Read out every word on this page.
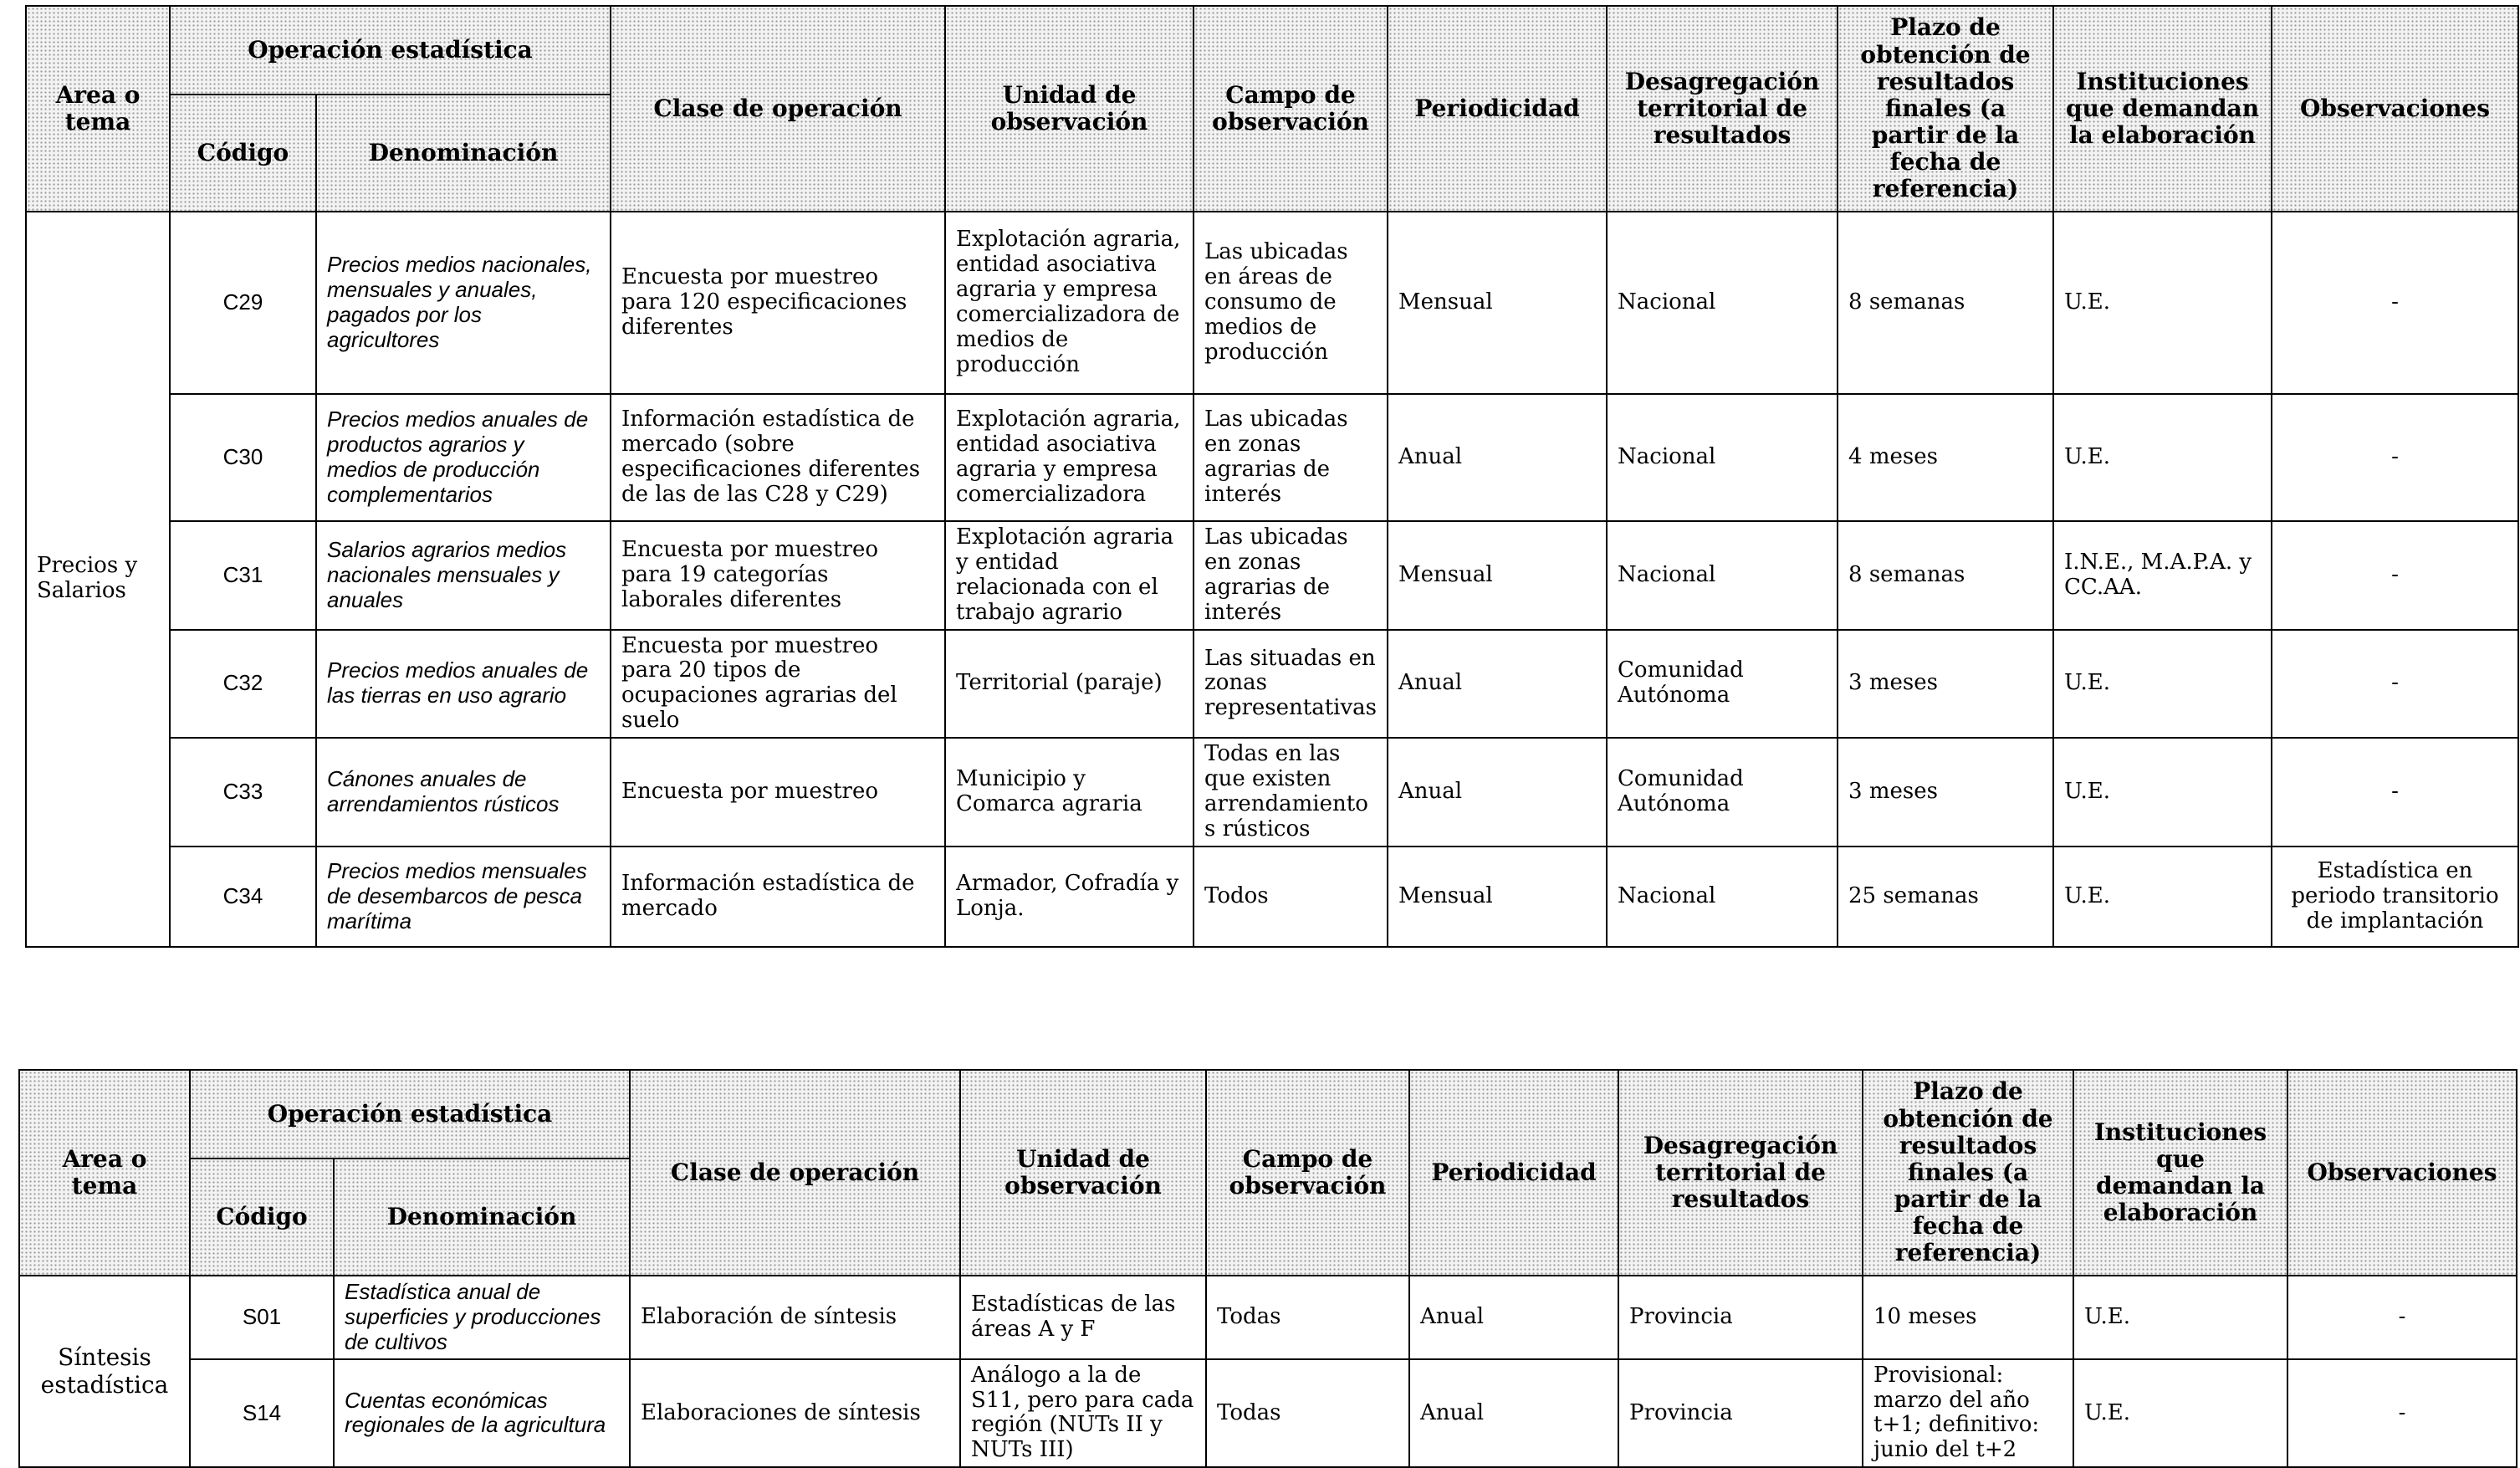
Area o tema	Operación estadística		Clase de operación	Unidad de observación	Campo de observación	Periodicidad	Desagregación territorial de resultados	Plazo de obtención de resultados finales (a partir de la fecha de referencia)	Instituciones que demandan la elaboración	Observaciones
	Código	Denominación								
Precios y Salarios	C29	Precios medios nacionales, mensuales y anuales, pagados por los agricultores	Encuesta por muestreo para 120 especificaciones diferentes	Explotación agraria, entidad asociativa agraria y empresa comercializadora de medios de producción	Las ubicadas en áreas de consumo de medios de producción	Mensual	Nacional	8 semanas	U.E.	-
	C30	Precios medios anuales de productos agrarios y medios de producción complementarios	Información estadística de mercado (sobre especificaciones diferentes de las de las C28 y C29)	Explotación agraria, entidad asociativa agraria y empresa comercializadora	Las ubicadas en zonas agrarias de interés	Anual	Nacional	4 meses	U.E.	-
	C31	Salarios agrarios medios nacionales mensuales y anuales	Encuesta por muestreo para 19 categorías laborales diferentes	Explotación agraria y entidad relacionada con el trabajo agrario	Las ubicadas en zonas agrarias de interés	Mensual	Nacional	8 semanas	I.N.E., M.A.P.A. y CC.AA.	-
	C32	Precios medios anuales de las tierras en uso agrario	Encuesta por muestreo para 20 tipos de ocupaciones agrarias del suelo	Territorial (paraje)	Las situadas en zonas representativas	Anual	Comunidad Autónoma	3 meses	U.E.	-
	C33	Cánones anuales de arrendamientos rústicos	Encuesta por muestreo	Municipio y Comarca agraria	Todas en las que existen arrendamiento s rústicos	Anual	Comunidad Autónoma	3 meses	U.E.	-
	C34	Precios medios mensuales de desembarcos de pesca marítima	Información estadística de mercado	Armador, Cofradía y Lonja.	Todos	Mensual	Nacional	25 semanas	U.E.	Estadística en periodo transitorio de implantación
Area o tema	Operación estadística		Clase de operación	Unidad de observación	Campo de observación	Periodicidad	Desagregación territorial de resultados	Plazo de obtención de resultados finales (a partir de la fecha de referencia)	Instituciones que demandan la elaboración	Observaciones
	Código	Denominación								
Síntesis estadística	S01	Estadística anual de superficies y producciones de cultivos	Elaboración de síntesis	Estadísticas de las áreas A y F	Todas	Anual	Provincia	10 meses	U.E.	-
	S14	Cuentas económicas regionales de la agricultura	Elaboraciones de síntesis	Análogo a la de S11, pero para cada región (NUTs II y NUTs III)	Todas	Anual	Provincia	Provisional: marzo del año t+1; definitivo: junio del t+2	U.E.	-
